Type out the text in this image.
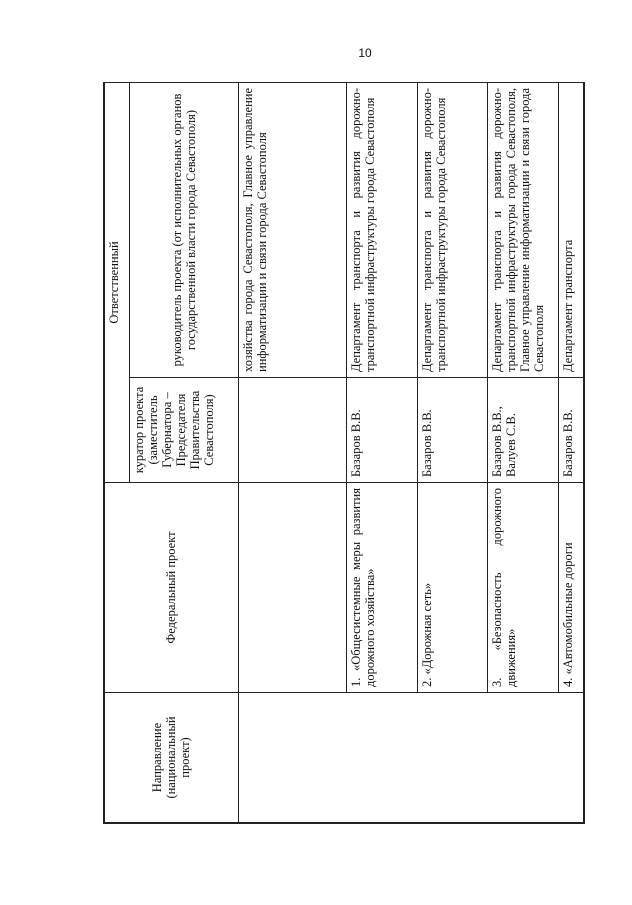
10
Направление (национальный проект)	Федеральный проект	Ответственный	
		куратор проекта (заместитель Губернатора – Председателя Правительства Севастополя)	руководитель проекта (от исполнительных органов государственной власти города Севастополя)
			хозяйства города Севастополя, Главное управление информатизации и связи города Севастополя
	1. «Общесистемные меры развития дорожного хозяйства»	Базаров В.В.	Департамент транспорта и развития дорожно-транспортной инфраструктуры города Севастополя
	2. «Дорожная сеть»	Базаров В.В.	Департамент транспорта и развития дорожно-транспортной инфраструктуры города Севастополя
	3. «Безопасность дорожного движения»	Базаров В.В., Валуев С.В.	Департамент транспорта и развития дорожно-транспортной инфраструктуры города Севастополя, Главное управление информатизации и связи города Севастополя
	4. «Автомобильные дороги	Базаров В.В.	Департамент транспорта
